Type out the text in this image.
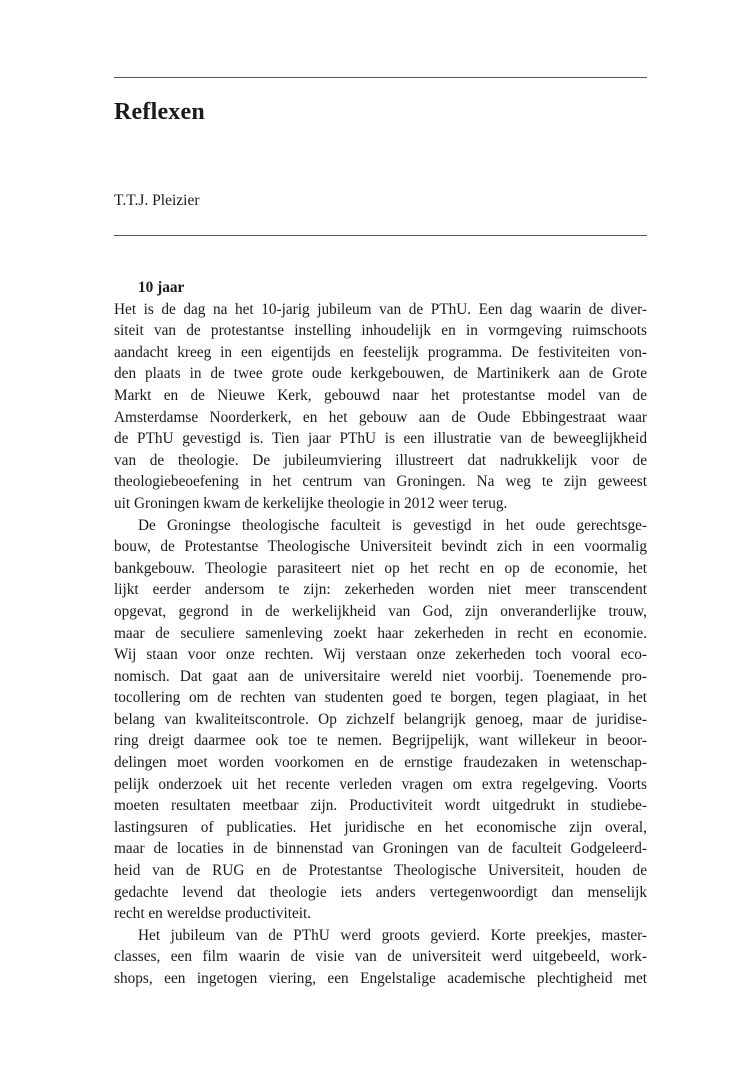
Reflexen

T.T.J. Pleizier

10 jaar
Het is de dag na het 10-jarig jubileum van de PThU. Een dag waarin de diver-
siteit van de protestantse instelling inhoudelijk en in vormgeving ruimschoots
aandacht kreeg in een eigentijds en feestelijk programma. De festiviteiten von-
den plaats in de twee grote oude kerkgebouwen, de Martinikerk aan de Grote
Markt en de Nieuwe Kerk, gebouwd naar het protestantse model van de
Amsterdamse Noorderkerk, en het gebouw aan de Oude Ebbingestraat waar
de PThU gevestigd is. Tien jaar PThU is een illustratie van de beweeglijkheid
van de theologie. De jubileumviering illustreert dat nadrukkelijk voor de
theologiebeoefening in het centrum van Groningen. Na weg te zijn geweest
uit Groningen kwam de kerkelijke theologie in 2012 weer terug.
De Groningse theologische faculteit is gevestigd in het oude gerechtsge-
bouw, de Protestantse Theologische Universiteit bevindt zich in een voormalig
bankgebouw. Theologie parasiteert niet op het recht en op de economie, het
lijkt eerder andersom te zijn: zekerheden worden niet meer transcendent
opgevat, gegrond in de werkelijkheid van God, zijn onveranderlijke trouw,
maar de seculiere samenleving zoekt haar zekerheden in recht en economie.
Wij staan voor onze rechten. Wij verstaan onze zekerheden toch vooral eco-
nomisch. Dat gaat aan de universitaire wereld niet voorbij. Toenemende pro-
tocollering om de rechten van studenten goed te borgen, tegen plagiaat, in het
belang van kwaliteitscontrole. Op zichzelf belangrijk genoeg, maar de juridise-
ring dreigt daarmee ook toe te nemen. Begrijpelijk, want willekeur in beoor-
delingen moet worden voorkomen en de ernstige fraudezaken in wetenschap-
pelijk onderzoek uit het recente verleden vragen om extra regelgeving. Voorts
moeten resultaten meetbaar zijn. Productiviteit wordt uitgedrukt in studiebe-
lastingsuren of publicaties. Het juridische en het economische zijn overal,
maar de locaties in de binnenstad van Groningen van de faculteit Godgeleerd-
heid van de RUG en de Protestantse Theologische Universiteit, houden de
gedachte levend dat theologie iets anders vertegenwoordigt dan menselijk
recht en wereldse productiviteit.
Het jubileum van de PThU werd groots gevierd. Korte preekjes, master-
classes, een film waarin de visie van de universiteit werd uitgebeeld, work-
shops, een ingetogen viering, een Engelstalige academische plechtigheid met
